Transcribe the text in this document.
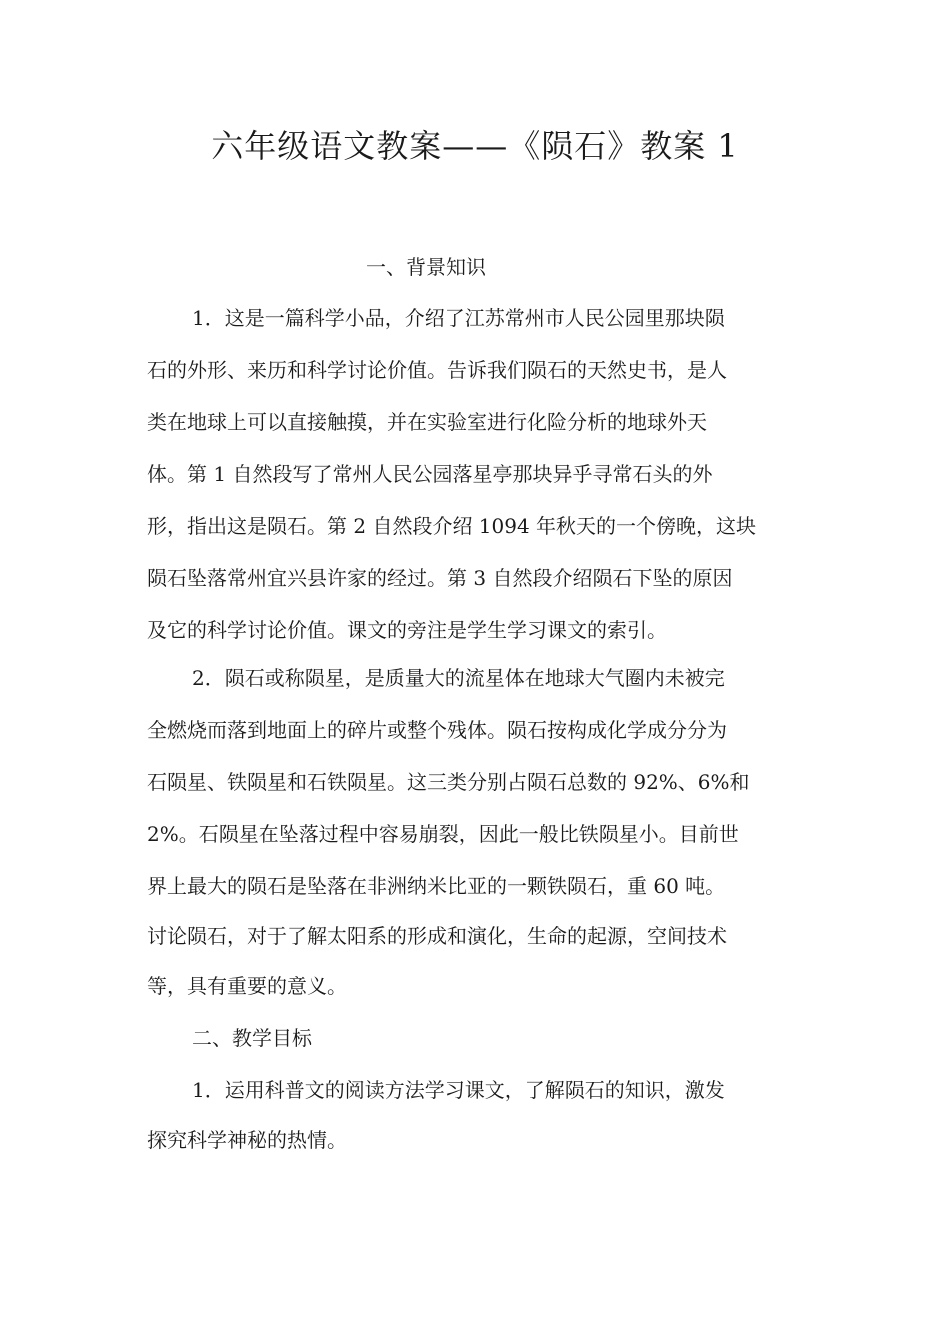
六年级语文教案——《陨石》教案 1
一、背景知识
1．这是一篇科学小品，介绍了江苏常州市人民公园里那块陨
石的外形、来历和科学讨论价值。告诉我们陨石的天然史书，是人
类在地球上可以直接触摸，并在实验室进行化险分析的地球外天
体。第 1 自然段写了常州人民公园落星亭那块异乎寻常石头的外
形，指出这是陨石。第 2 自然段介绍 1094 年秋天的一个傍晚，这块
陨石坠落常州宜兴县许家的经过。第 3 自然段介绍陨石下坠的原因
及它的科学讨论价值。课文的旁注是学生学习课文的索引。
2．陨石或称陨星，是质量大的流星体在地球大气圈内未被完
全燃烧而落到地面上的碎片或整个残体。陨石按构成化学成分分为
石陨星、铁陨星和石铁陨星。这三类分别占陨石总数的 92%、6%和
2%。石陨星在坠落过程中容易崩裂，因此一般比铁陨星小。目前世
界上最大的陨石是坠落在非洲纳米比亚的一颗铁陨石，重 60 吨。
讨论陨石，对于了解太阳系的形成和演化，生命的起源，空间技术
等，具有重要的意义。
二、教学目标
1．运用科普文的阅读方法学习课文，了解陨石的知识，激发
探究科学神秘的热情。
